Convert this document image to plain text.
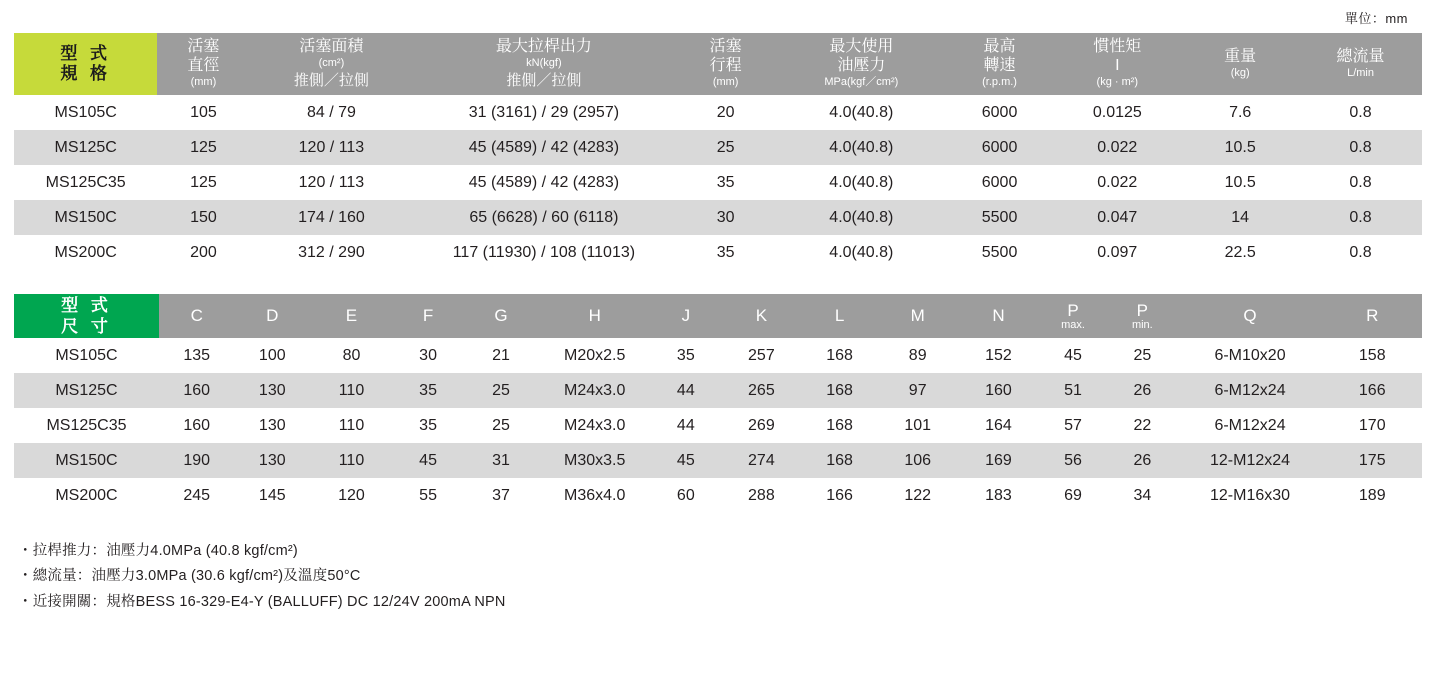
單位：mm
型 式
規 格	活塞
直徑
(mm)	活塞面積
(cm²)
推側／拉側	最大拉桿出力
kN(kgf)
推側／拉側	活塞
行程
(mm)	最大使用
油壓力
MPa(kgf／cm²)	最高
轉速
(r.p.m.)	慣性矩
I
(kg · m²)	重量
(kg)	總流量
L/min

MS105C	105	84 / 79	31 (3161) / 29 (2957)	20	4.0(40.8)	6000	0.0125	7.6	0.8
MS125C	125	120 / 113	45 (4589) / 42 (4283)	25	4.0(40.8)	6000	0.022	10.5	0.8
MS125C35	125	120 / 113	45 (4589) / 42 (4283)	35	4.0(40.8)	6000	0.022	10.5	0.8
MS150C	150	174 / 160	65 (6628) / 60 (6118)	30	4.0(40.8)	5500	0.047	14	0.8
MS200C	200	312 / 290	117 (11930) / 108 (11013)	35	4.0(40.8)	5500	0.097	22.5	0.8
型 式
尺 寸	C	D	E	F	G	H	J	K	L	M	N	P
max.	P
min.	Q	R
MS105C	135	100	80	30	21	M20x2.5	35	257	168	89	152	45	25	6-M10x20	158
MS125C	160	130	110	35	25	M24x3.0	44	265	168	97	160	51	26	6-M12x24	166
MS125C35	160	130	110	35	25	M24x3.0	44	269	168	101	164	57	22	6-M12x24	170
MS150C	190	130	110	45	31	M30x3.5	45	274	168	106	169	56	26	12-M12x24	175
MS200C	245	145	120	55	37	M36x4.0	60	288	166	122	183	69	34	12-M16x30	189
・拉桿推力：油壓力4.0MPa (40.8 kgf/cm²)
・總流量：油壓力3.0MPa (30.6 kgf/cm²)及溫度50°C
・近接開關：規格BESS 16-329-E4-Y (BALLUFF) DC 12/24V 200mA NPN
